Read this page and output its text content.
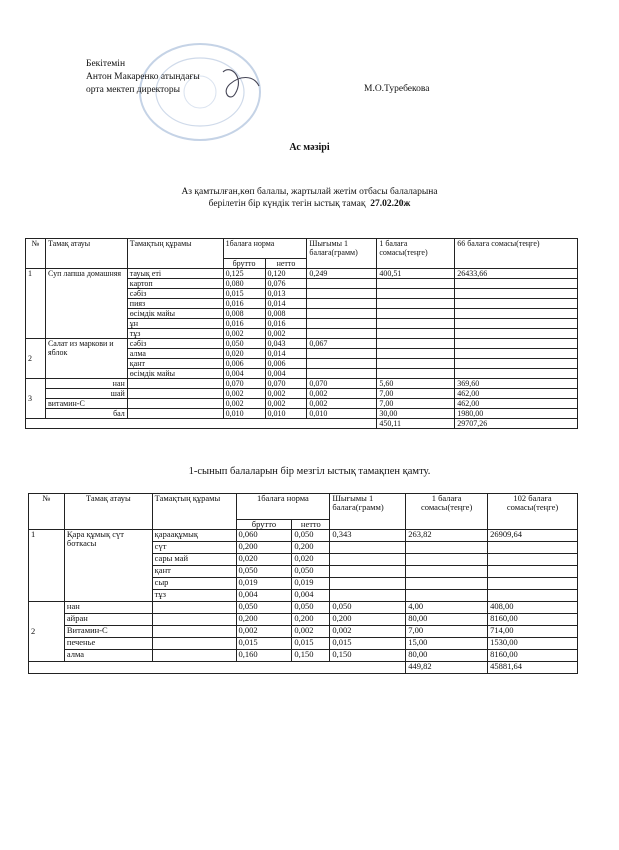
Бекітемін
Антон Макаренко атындағы
орта мектеп директоры	М.О.Туребекова
Ас мәзірі
Аз қамтылған,көп балалы, жартылай жетім отбасы балаларына
берілетін бір күндік тегін ыстық тамақ 27.02.20ж
№	Тамақ атауы	Тамақтың құрамы	1балаға норма		Шығымы 1 балаға(грамм)	1 балаға сомасы(теңге)	66 балаға сомасы(теңге)
			брутто	нетто			
1	Суп лапша домашняя	тауық еті	0,125	0,120	0,249	400,51	26433,66
		картоп	0,080	0,076			
		сәбіз	0,015	0,013			
		пияз	0,016	0,014			
		өсімдік майы	0,008	0,008			
		ұн	0,016	0,016			
		тұз	0,002	0,002			
2	Салат из маркови и яблок	сәбіз	0,050	0,043	0,067		
		алма	0,020	0,014			
		қант	0,006	0,006			
		өсімдік майы	0,004	0,004			
3	нан		0,070	0,070	0,070	5,60	369,60
	шай		0,002	0,002	0,002	7,00	462,00
	витамин-С		0,002	0,002	0,002	7,00	462,00
	бал		0,010	0,010	0,010	30,00	1980,00
						450,11	29707,26
1-сынып балаларын бір мезгіл ыстық тамақпен қамту.
№	Тамақ атауы	Тамақтың құрамы	1балаға норма		Шығымы 1 балаға(грамм)	1 балаға сомасы(теңге)	102 балаға сомасы(теңге)
			брутто	нетто			
1	Қара құмық сүт боткасы	қараақұмық	0,060	0,050	0,343	263,82	26909,64
		сүт	0,200	0,200			
		сары май	0,020	0,020			
		қант	0,050	0,050			
		сыр	0,019	0,019			
		тұз	0,004	0,004			
2	нан		0,050	0,050	0,050	4,00	408,00
	айран		0,200	0,200	0,200	80,00	8160,00
	Витамин-С		0,002	0,002	0,002	7,00	714,00
	печенье		0,015	0,015	0,015	15,00	1530,00
	алма		0,160	0,150	0,150	80,00	8160,00
						449,82	45881,64
